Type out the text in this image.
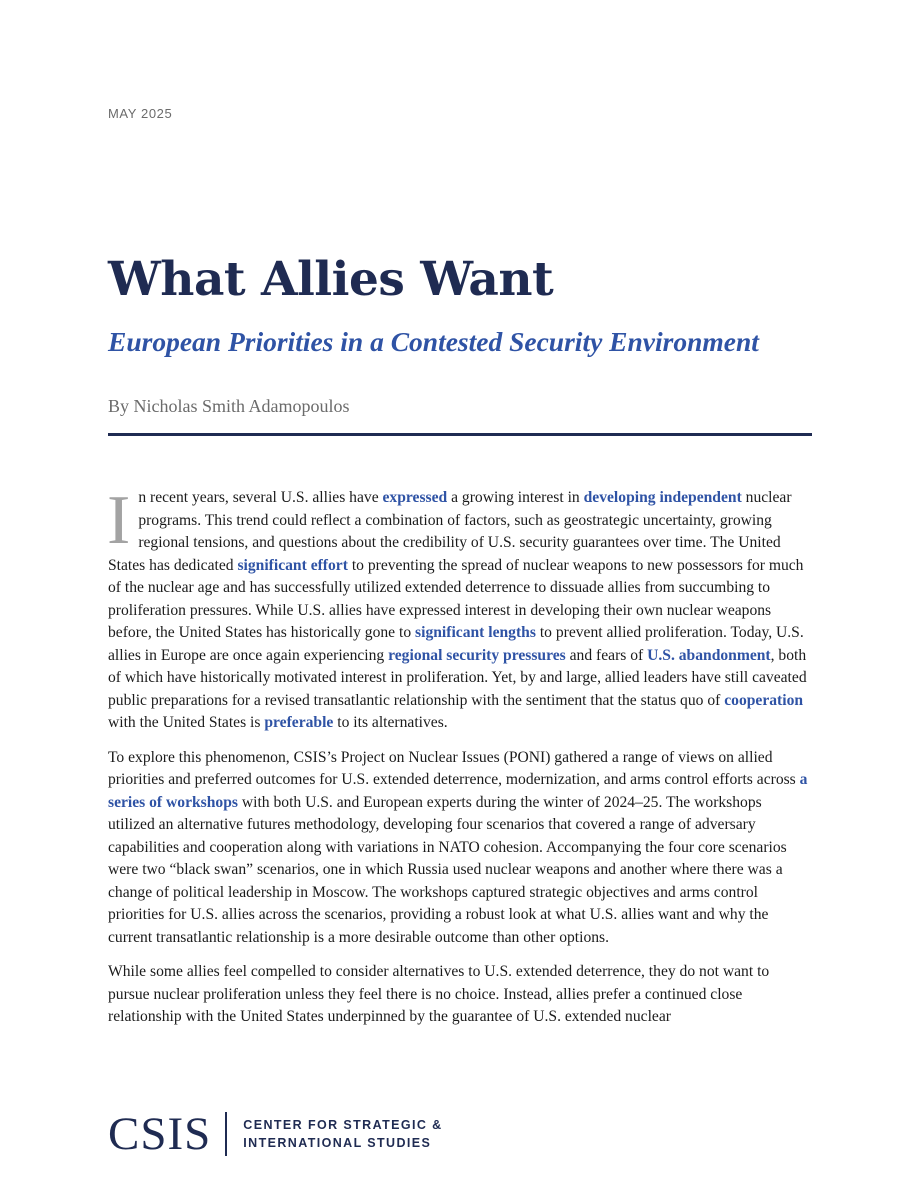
MAY 2025
What Allies Want
European Priorities in a Contested Security Environment
By Nicholas Smith Adamopoulos

In recent years, several U.S. allies have expressed a growing interest in developing independent nuclear programs. This trend could reflect a combination of factors, such as geostrategic uncertainty, growing regional tensions, and questions about the credibility of U.S. security guarantees over time. The United States has dedicated significant effort to preventing the spread of nuclear weapons to new possessors for much of the nuclear age and has successfully utilized extended deterrence to dissuade allies from succumbing to proliferation pressures. While U.S. allies have expressed interest in developing their own nuclear weapons before, the United States has historically gone to significant lengths to prevent allied proliferation. Today, U.S. allies in Europe are once again experiencing regional security pressures and fears of U.S. abandonment, both of which have historically motivated interest in proliferation. Yet, by and large, allied leaders have still caveated public preparations for a revised transatlantic relationship with the sentiment that the status quo of cooperation with the United States is preferable to its alternatives.

To explore this phenomenon, CSIS’s Project on Nuclear Issues (PONI) gathered a range of views on allied priorities and preferred outcomes for U.S. extended deterrence, modernization, and arms control efforts across a series of workshops with both U.S. and European experts during the winter of 2024–25. The workshops utilized an alternative futures methodology, developing four scenarios that covered a range of adversary capabilities and cooperation along with variations in NATO cohesion. Accompanying the four core scenarios were two “black swan” scenarios, one in which Russia used nuclear weapons and another where there was a change of political leadership in Moscow. The workshops captured strategic objectives and arms control priorities for U.S. allies across the scenarios, providing a robust look at what U.S. allies want and why the current transatlantic relationship is a more desirable outcome than other options.

While some allies feel compelled to consider alternatives to U.S. extended deterrence, they do not want to pursue nuclear proliferation unless they feel there is no choice. Instead, allies prefer a continued close relationship with the United States underpinned by the guarantee of U.S. extended nuclear

CSIS	CENTER FOR STRATEGIC &
INTERNATIONAL STUDIES
